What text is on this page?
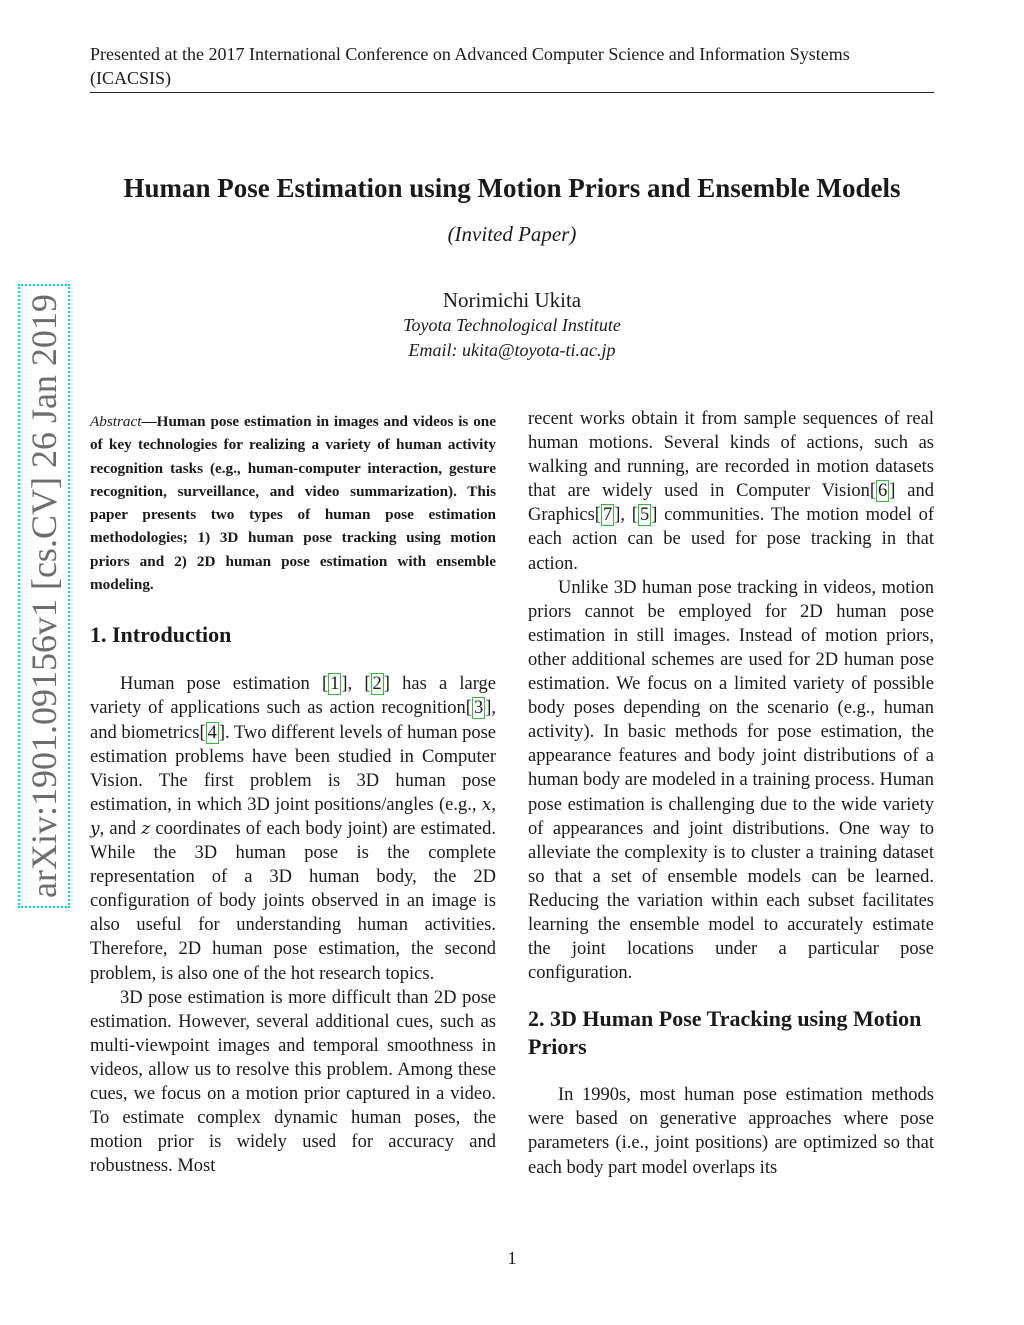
Presented at the 2017 International Conference on Advanced Computer Science and Information Systems (ICACSIS)
arXiv:1901.09156v1 [cs.CV] 26 Jan 2019
Human Pose Estimation using Motion Priors and Ensemble Models
(Invited Paper)
Norimichi Ukita
Toyota Technological Institute
Email: ukita@toyota-ti.ac.jp

Abstract—Human pose estimation in images and videos is one of key technologies for realizing a variety of human activity recognition tasks (e.g., human-computer interaction, gesture recognition, surveillance, and video summarization). This paper presents two types of human pose estimation methodologies; 1) 3D human pose tracking using motion priors and 2) 2D human pose estimation with ensemble modeling.

1. Introduction

Human pose estimation [ 1 ], [ 2 ] has a large variety of applications such as action recognition[ 3 ], and biometrics[ 4 ]. Two different levels of human pose estimation problems have been studied in Computer Vision. The first problem is 3D human pose estimation, in which 3D joint positions/angles (e.g., x, y, and z coordinates of each body joint) are estimated. While the 3D human pose is the complete representation of a 3D human body, the 2D configuration of body joints observed in an image is also useful for understanding human activities. Therefore, 2D human pose estimation, the second problem, is also one of the hot research topics.

3D pose estimation is more difficult than 2D pose estimation. However, several additional cues, such as multi-viewpoint images and temporal smoothness in videos, allow us to resolve this problem. Among these cues, we focus on a motion prior captured in a video. To estimate complex dynamic human poses, the motion prior is widely used for accuracy and robustness. Most

recent works obtain it from sample sequences of real human motions. Several kinds of actions, such as walking and running, are recorded in motion datasets that are widely used in Computer Vision[ 6 ] and Graphics[ 7 ], [ 5 ] communities. The motion model of each action can be used for pose tracking in that action.

Unlike 3D human pose tracking in videos, motion priors cannot be employed for 2D human pose estimation in still images. Instead of motion priors, other additional schemes are used for 2D human pose estimation. We focus on a limited variety of possible body poses depending on the scenario (e.g., human activity). In basic methods for pose estimation, the appearance features and body joint distributions of a human body are modeled in a training process. Human pose estimation is challenging due to the wide variety of appearances and joint distributions. One way to alleviate the complexity is to cluster a training dataset so that a set of ensemble models can be learned. Reducing the variation within each subset facilitates learning the ensemble model to accurately estimate the joint locations under a particular pose configuration.

2. 3D Human Pose Tracking using Motion Priors

In 1990s, most human pose estimation methods were based on generative approaches where pose parameters (i.e., joint positions) are optimized so that each body part model overlaps its

1
